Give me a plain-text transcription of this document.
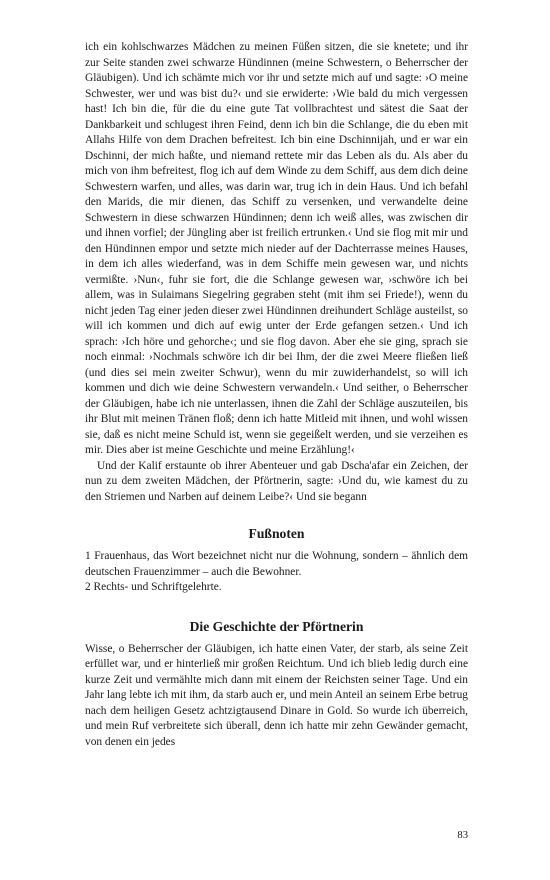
ich ein kohlschwarzes Mädchen zu meinen Füßen sitzen, die sie knetete; und ihr zur Seite standen zwei schwarze Hündinnen (meine Schwestern, o Beherrscher der Gläubigen). Und ich schämte mich vor ihr und setzte mich auf und sagte: ›O meine Schwester, wer und was bist du?‹ und sie erwiderte: ›Wie bald du mich vergessen hast! Ich bin die, für die du eine gute Tat vollbrachtest und sätest die Saat der Dankbarkeit und schlugest ihren Feind, denn ich bin die Schlange, die du eben mit Allahs Hilfe von dem Drachen befreitest. Ich bin eine Dschinnijah, und er war ein Dschinni, der mich haßte, und niemand rettete mir das Leben als du. Als aber du mich von ihm befreitest, flog ich auf dem Winde zu dem Schiff, aus dem dich deine Schwestern warfen, und alles, was darin war, trug ich in dein Haus. Und ich befahl den Marids, die mir dienen, das Schiff zu versenken, und verwandelte deine Schwestern in diese schwarzen Hündinnen; denn ich weiß alles, was zwischen dir und ihnen vorfiel; der Jüngling aber ist freilich ertrunken.‹ Und sie flog mit mir und den Hündinnen empor und setzte mich nieder auf der Dachterrasse meines Hauses, in dem ich alles wiederfand, was in dem Schiffe mein gewesen war, und nichts vermißte. ›Nun‹, fuhr sie fort, die die Schlange gewesen war, ›schwöre ich bei allem, was in Sulaimans Siegelring gegraben steht (mit ihm sei Friede!), wenn du nicht jeden Tag einer jeden dieser zwei Hündinnen dreihundert Schläge austeilst, so will ich kommen und dich auf ewig unter der Erde gefangen setzen.‹ Und ich sprach: ›Ich höre und gehorche‹; und sie flog davon. Aber ehe sie ging, sprach sie noch einmal: ›Nochmals schwöre ich dir bei Ihm, der die zwei Meere fließen ließ (und dies sei mein zweiter Schwur), wenn du mir zuwiderhandelst, so will ich kommen und dich wie deine Schwestern verwandeln.‹ Und seither, o Beherrscher der Gläubigen, habe ich nie unterlassen, ihnen die Zahl der Schläge auszuteilen, bis ihr Blut mit meinen Tränen floß; denn ich hatte Mitleid mit ihnen, und wohl wissen sie, daß es nicht meine Schuld ist, wenn sie gegeißelt werden, und sie verzeihen es mir. Dies aber ist meine Geschichte und meine Erzählung!‹

Und der Kalif erstaunte ob ihrer Abenteuer und gab Dscha'afar ein Zeichen, der nun zu dem zweiten Mädchen, der Pförtnerin, sagte: ›Und du, wie kamest du zu den Striemen und Narben auf deinem Leibe?‹ Und sie begann

Fußnoten

1 Frauenhaus, das Wort bezeichnet nicht nur die Wohnung, sondern – ähnlich dem deutschen Frauenzimmer – auch die Bewohner.

2 Rechts- und Schriftgelehrte.

Die Geschichte der Pförtnerin

Wisse, o Beherrscher der Gläubigen, ich hatte einen Vater, der starb, als seine Zeit erfüllet war, und er hinterließ mir großen Reichtum. Und ich blieb ledig durch eine kurze Zeit und vermählte mich dann mit einem der Reichsten seiner Tage. Und ein Jahr lang lebte ich mit ihm, da starb auch er, und mein Anteil an seinem Erbe betrug nach dem heiligen Gesetz achtzigtausend Dinare in Gold. So wurde ich überreich, und mein Ruf verbreitete sich überall, denn ich hatte mir zehn Gewänder gemacht, von denen ein jedes

83
